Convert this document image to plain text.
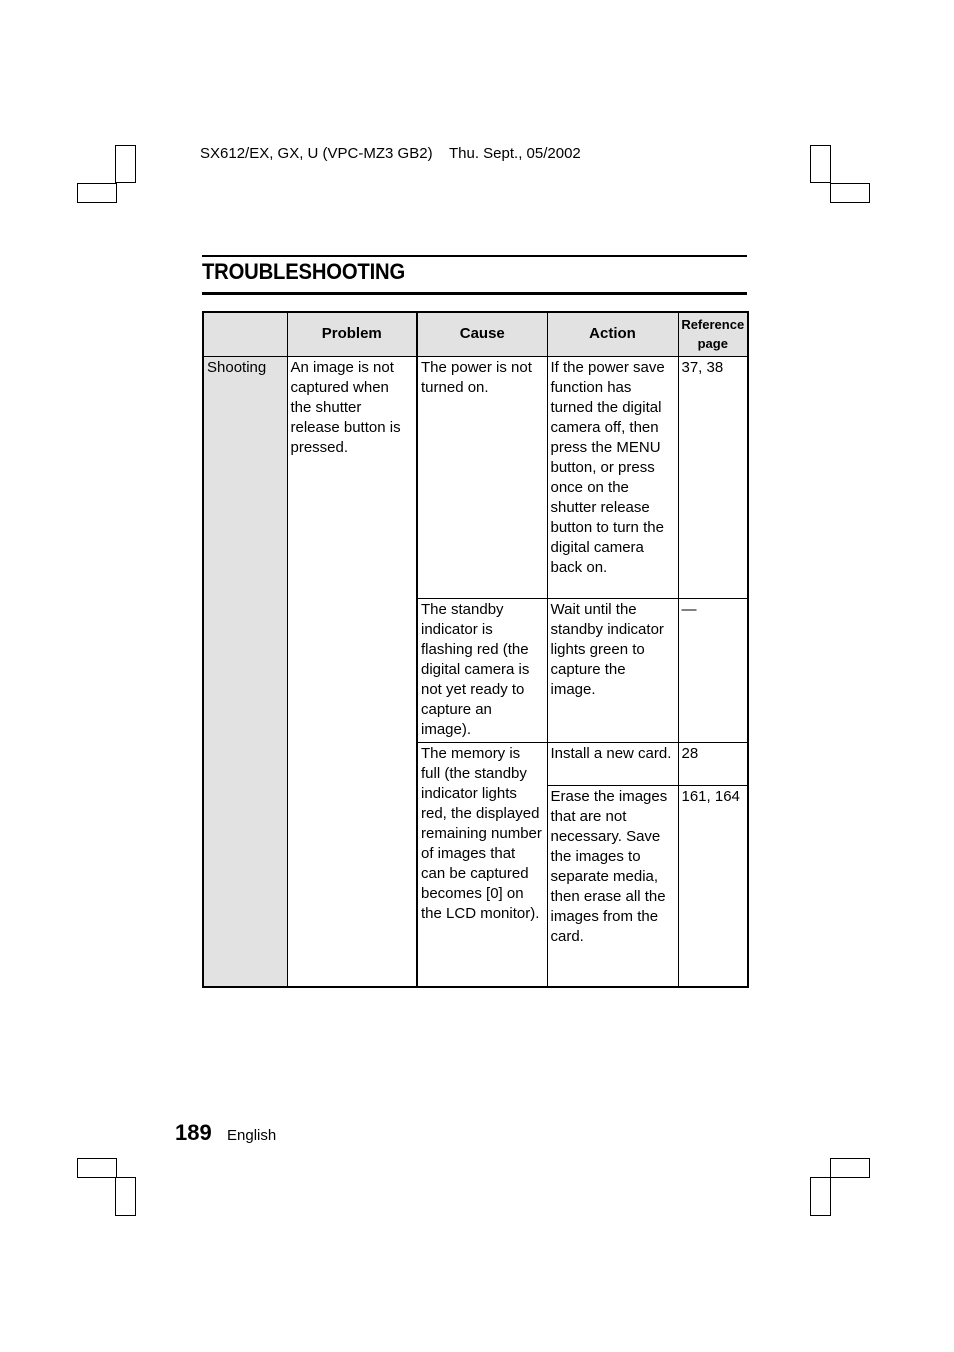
SX612/EX, GX, U (VPC-MZ3 GB2) Thu. Sept., 05/2002
TROUBLESHOOTING
	Problem	Cause	Action	Reference page
Shooting	An image is not captured when the shutter release button is pressed.	The power is not turned on.	If the power save function has turned the digital camera off, then press the MENU button, or press once on the shutter release button to turn the digital camera back on.	37, 38
		The standby indicator is flashing red (the digital camera is not yet ready to capture an image).	Wait until the standby indicator lights green to capture the image.	—
		The memory is full (the standby indicator lights red, the displayed remaining number of images that can be captured becomes [0] on the LCD monitor).	Install a new card.	28
			Erase the images that are not necessary. Save the images to separate media, then erase all the images from the card.	161, 164
189 English
